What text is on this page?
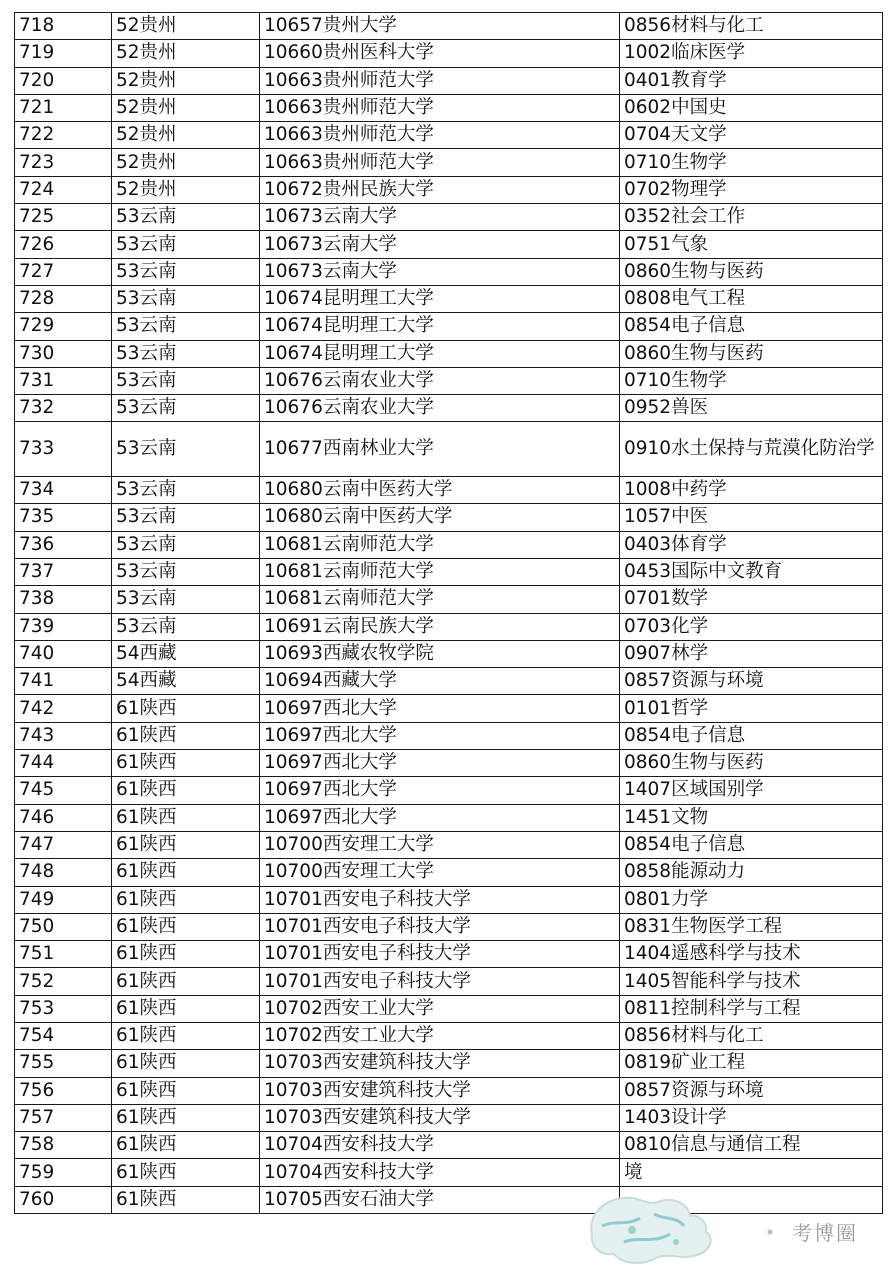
718	52贵州	10657贵州大学	0856材料与化工
719	52贵州	10660贵州医科大学	1002临床医学
720	52贵州	10663贵州师范大学	0401教育学
721	52贵州	10663贵州师范大学	0602中国史
722	52贵州	10663贵州师范大学	0704天文学
723	52贵州	10663贵州师范大学	0710生物学
724	52贵州	10672贵州民族大学	0702物理学
725	53云南	10673云南大学	0352社会工作
726	53云南	10673云南大学	0751气象
727	53云南	10673云南大学	0860生物与医药
728	53云南	10674昆明理工大学	0808电气工程
729	53云南	10674昆明理工大学	0854电子信息
730	53云南	10674昆明理工大学	0860生物与医药
731	53云南	10676云南农业大学	0710生物学
732	53云南	10676云南农业大学	0952兽医
733	53云南	10677西南林业大学	0910水土保持与荒漠化防治学
734	53云南	10680云南中医药大学	1008中药学
735	53云南	10680云南中医药大学	1057中医
736	53云南	10681云南师范大学	0403体育学
737	53云南	10681云南师范大学	0453国际中文教育
738	53云南	10681云南师范大学	0701数学
739	53云南	10691云南民族大学	0703化学
740	54西藏	10693西藏农牧学院	0907林学
741	54西藏	10694西藏大学	0857资源与环境
742	61陕西	10697西北大学	0101哲学
743	61陕西	10697西北大学	0854电子信息
744	61陕西	10697西北大学	0860生物与医药
745	61陕西	10697西北大学	1407区域国别学
746	61陕西	10697西北大学	1451文物
747	61陕西	10700西安理工大学	0854电子信息
748	61陕西	10700西安理工大学	0858能源动力
749	61陕西	10701西安电子科技大学	0801力学
750	61陕西	10701西安电子科技大学	0831生物医学工程
751	61陕西	10701西安电子科技大学	1404遥感科学与技术
752	61陕西	10701西安电子科技大学	1405智能科学与技术
753	61陕西	10702西安工业大学	0811控制科学与工程
754	61陕西	10702西安工业大学	0856材料与化工
755	61陕西	10703西安建筑科技大学	0819矿业工程
756	61陕西	10703西安建筑科技大学	0857资源与环境
757	61陕西	10703西安建筑科技大学	1403设计学
758	61陕西	10704西安科技大学	0810信息与通信工程
759	61陕西	10704西安科技大学	境
760	61陕西	10705西安石油大学	
考博圈
